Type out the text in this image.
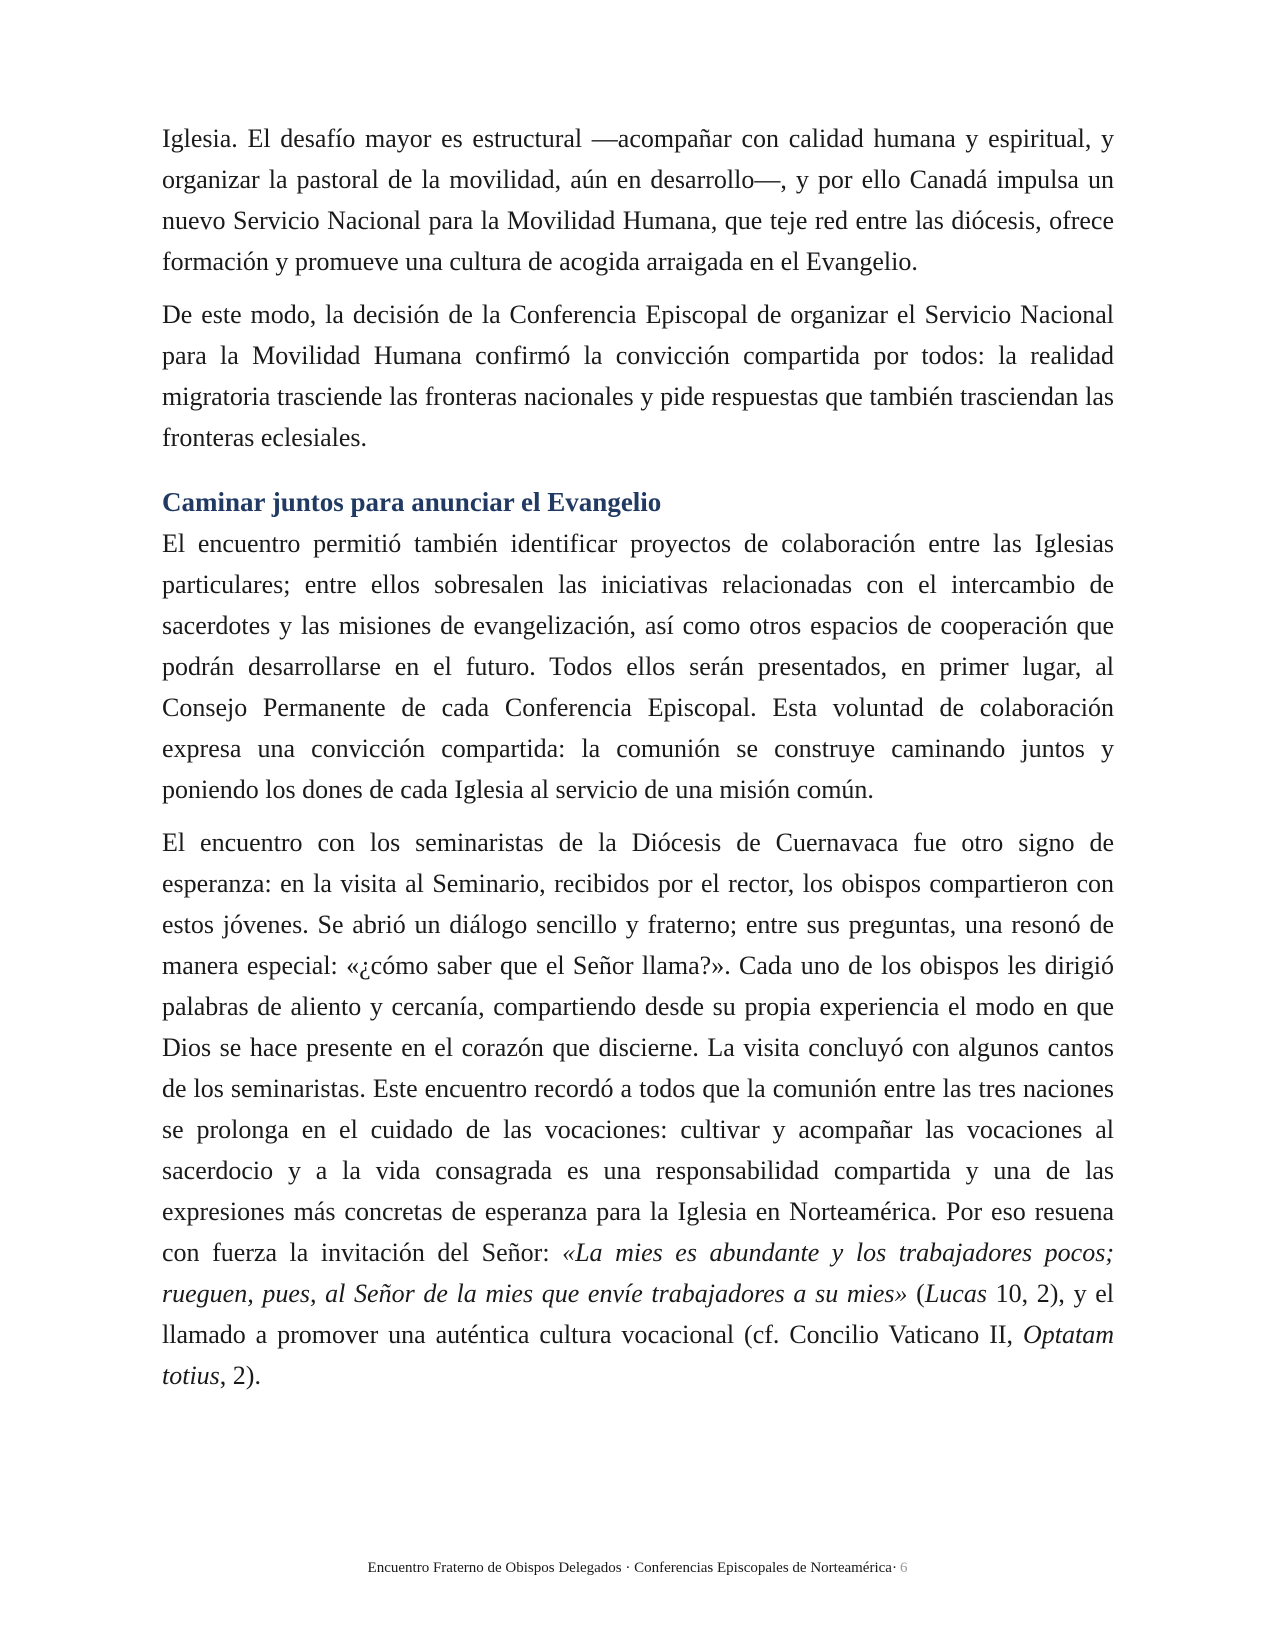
Iglesia. El desafío mayor es estructural —acompañar con calidad humana y espiritual, y organizar la pastoral de la movilidad, aún en desarrollo—, y por ello Canadá impulsa un nuevo Servicio Nacional para la Movilidad Humana, que teje red entre las diócesis, ofrece formación y promueve una cultura de acogida arraigada en el Evangelio.

De este modo, la decisión de la Conferencia Episcopal de organizar el Servicio Nacional para la Movilidad Humana confirmó la convicción compartida por todos: la realidad migratoria trasciende las fronteras nacionales y pide respuestas que también trasciendan las fronteras eclesiales.

Caminar juntos para anunciar el Evangelio

El encuentro permitió también identificar proyectos de colaboración entre las Iglesias particulares; entre ellos sobresalen las iniciativas relacionadas con el intercambio de sacerdotes y las misiones de evangelización, así como otros espacios de cooperación que podrán desarrollarse en el futuro. Todos ellos serán presentados, en primer lugar, al Consejo Permanente de cada Conferencia Episcopal. Esta voluntad de colaboración expresa una convicción compartida: la comunión se construye caminando juntos y poniendo los dones de cada Iglesia al servicio de una misión común.

El encuentro con los seminaristas de la Diócesis de Cuernavaca fue otro signo de esperanza: en la visita al Seminario, recibidos por el rector, los obispos compartieron con estos jóvenes. Se abrió un diálogo sencillo y fraterno; entre sus preguntas, una resonó de manera especial: «¿cómo saber que el Señor llama?». Cada uno de los obispos les dirigió palabras de aliento y cercanía, compartiendo desde su propia experiencia el modo en que Dios se hace presente en el corazón que discierne. La visita concluyó con algunos cantos de los seminaristas. Este encuentro recordó a todos que la comunión entre las tres naciones se prolonga en el cuidado de las vocaciones: cultivar y acompañar las vocaciones al sacerdocio y a la vida consagrada es una responsabilidad compartida y una de las expresiones más concretas de esperanza para la Iglesia en Norteamérica. Por eso resuena con fuerza la invitación del Señor: «La mies es abundante y los trabajadores pocos; rueguen, pues, al Señor de la mies que envíe trabajadores a su mies» (Lucas 10, 2), y el llamado a promover una auténtica cultura vocacional (cf. Concilio Vaticano II, Optatam totius, 2).

Encuentro Fraterno de Obispos Delegados · Conferencias Episcopales de Norteamérica· 6
